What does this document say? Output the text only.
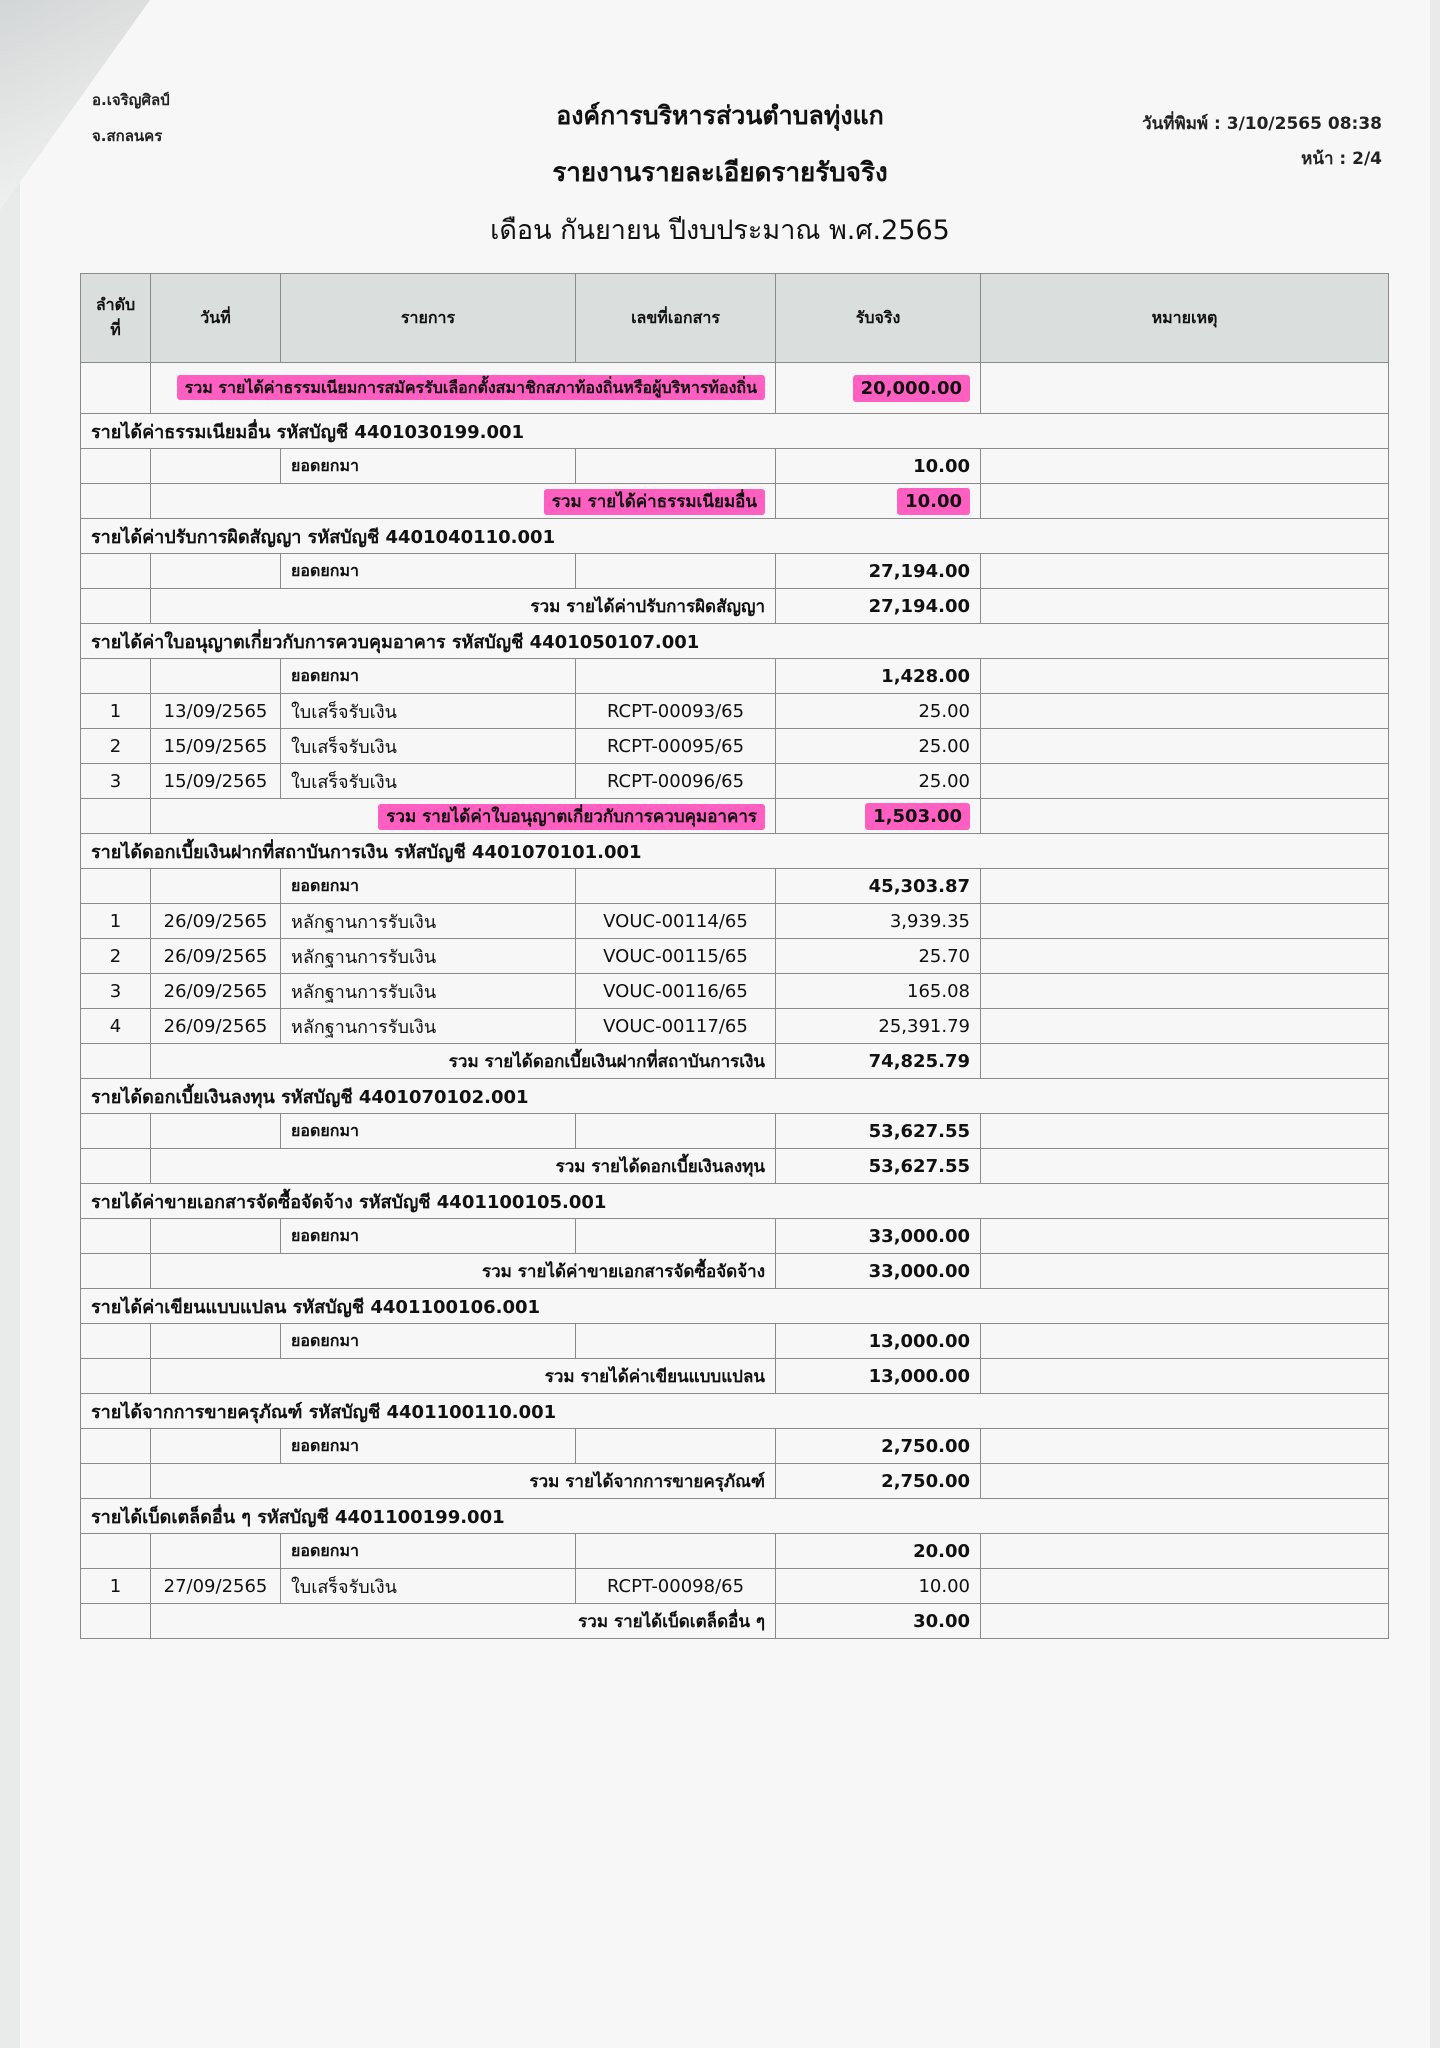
อ.เจริญศิลป์
จ.สกลนคร
องค์การบริหารส่วนตำบลทุ่งแก
รายงานรายละเอียดรายรับจริง
เดือน กันยายน ปีงบประมาณ พ.ศ.2565
วันที่พิมพ์ : 3/10/2565 08:38
หน้า : 2/4
ลำดับที่	วันที่	รายการ	เลขที่เอกสาร	รับจริง	หมายเหตุ
	รวม รายได้ค่าธรรมเนียมการสมัครรับเลือกตั้งสมาชิกสภาท้องถิ่นหรือผู้บริหารท้องถิ่น			20,000.00	
รายได้ค่าธรรมเนียมอื่น รหัสบัญชี 4401030199.001					
		ยอดยกมา		10.00	
	รวม รายได้ค่าธรรมเนียมอื่น			10.00	
รายได้ค่าปรับการผิดสัญญา รหัสบัญชี 4401040110.001					
		ยอดยกมา		27,194.00	
	รวม รายได้ค่าปรับการผิดสัญญา			27,194.00	
รายได้ค่าใบอนุญาตเกี่ยวกับการควบคุมอาคาร รหัสบัญชี 4401050107.001					
		ยอดยกมา		1,428.00	
1	13/09/2565	ใบเสร็จรับเงิน	RCPT-00093/65	25.00	
2	15/09/2565	ใบเสร็จรับเงิน	RCPT-00095/65	25.00	
3	15/09/2565	ใบเสร็จรับเงิน	RCPT-00096/65	25.00	
	รวม รายได้ค่าใบอนุญาตเกี่ยวกับการควบคุมอาคาร			1,503.00	
รายได้ดอกเบี้ยเงินฝากที่สถาบันการเงิน รหัสบัญชี 4401070101.001					
		ยอดยกมา		45,303.87	
1	26/09/2565	หลักฐานการรับเงิน	VOUC-00114/65	3,939.35	
2	26/09/2565	หลักฐานการรับเงิน	VOUC-00115/65	25.70	
3	26/09/2565	หลักฐานการรับเงิน	VOUC-00116/65	165.08	
4	26/09/2565	หลักฐานการรับเงิน	VOUC-00117/65	25,391.79	
	รวม รายได้ดอกเบี้ยเงินฝากที่สถาบันการเงิน			74,825.79	
รายได้ดอกเบี้ยเงินลงทุน รหัสบัญชี 4401070102.001					
		ยอดยกมา		53,627.55	
	รวม รายได้ดอกเบี้ยเงินลงทุน			53,627.55	
รายได้ค่าขายเอกสารจัดซื้อจัดจ้าง รหัสบัญชี 4401100105.001					
		ยอดยกมา		33,000.00	
	รวม รายได้ค่าขายเอกสารจัดซื้อจัดจ้าง			33,000.00	
รายได้ค่าเขียนแบบแปลน รหัสบัญชี 4401100106.001					
		ยอดยกมา		13,000.00	
	รวม รายได้ค่าเขียนแบบแปลน			13,000.00	
รายได้จากการขายครุภัณฑ์ รหัสบัญชี 4401100110.001					
		ยอดยกมา		2,750.00	
	รวม รายได้จากการขายครุภัณฑ์			2,750.00	
รายได้เบ็ดเตล็ดอื่น ๆ รหัสบัญชี 4401100199.001					
		ยอดยกมา		20.00	
1	27/09/2565	ใบเสร็จรับเงิน	RCPT-00098/65	10.00	
	รวม รายได้เบ็ดเตล็ดอื่น ๆ			30.00	
